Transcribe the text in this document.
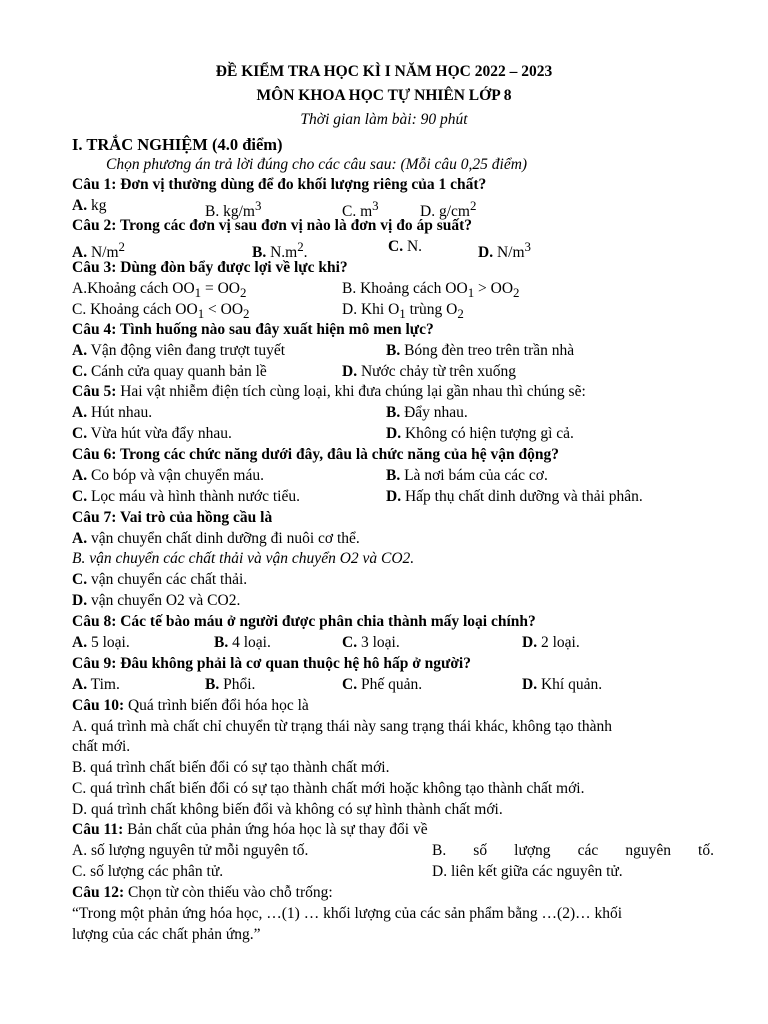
ĐỀ KIỂM TRA HỌC KÌ I NĂM HỌC 2022 – 2023
MÔN KHOA HỌC TỰ NHIÊN LỚP 8
Thời gian làm bài: 90 phút
I. TRẮC NGHIỆM (4.0 điểm)
Chọn phương án trả lời đúng cho các câu sau: (Mỗi câu 0,25 điểm)
Câu 1: Đơn vị thường dùng để đo khối lượng riêng của 1 chất?
A. kg	B. $kg/m^3$	C. $m^3$	D. $g/cm^2$
Câu 2: Trong các đơn vị sau đơn vị nào là đơn vị đo áp suất?
A. $N/m^2$	B. $N.m^2$.	C. N.	D. $N/m^3$
Câu 3: Dùng đòn bẩy được lợi về lực khi?
A.Khoảng cách $OO_1 = OO_2$	B. Khoảng cách $OO_1 > OO_2$
C. Khoảng cách $OO_1 < OO_2$	D. Khi $O_1$ trùng $O_2$
Câu 4: Tình huống nào sau đây xuất hiện mô men lực?
A. Vận động viên đang trượt tuyết	B. Bóng đèn treo trên trần nhà
C. Cánh cửa quay quanh bản lề	D. Nước chảy từ trên xuống
Câu 5: Hai vật nhiễm điện tích cùng loại, khi đưa chúng lại gần nhau thì chúng sẽ:
A. Hút nhau.	B. Đẩy nhau.
C. Vừa hút vừa đẩy nhau.	D. Không có hiện tượng gì cả.
Câu 6: Trong các chức năng dưới đây, đâu là chức năng của hệ vận động?
A. Co bóp và vận chuyển máu.	B. Là nơi bám của các cơ.
C. Lọc máu và hình thành nước tiểu.	D. Hấp thụ chất dinh dưỡng và thải phân.
Câu 7: Vai trò của hồng cầu là
A. vận chuyển chất dinh dưỡng đi nuôi cơ thể.
B. vận chuyển các chất thải và vận chuyển O2 và CO2.
C. vận chuyển các chất thải.
D. vận chuyển O2 và CO2.
Câu 8: Các tế bào máu ở người được phân chia thành mấy loại chính?
A. 5 loại.	B. 4 loại.	C. 3 loại.	D. 2 loại.
Câu 9: Đâu không phải là cơ quan thuộc hệ hô hấp ở người?
A. Tim.	B. Phổi.	C. Phế quản.	D. Khí quản.
Câu 10: Quá trình biến đổi hóa học là
A. quá trình mà chất chỉ chuyển từ trạng thái này sang trạng thái khác, không tạo thành
chất mới.
B. quá trình chất biến đổi có sự tạo thành chất mới.
C. quá trình chất biến đổi có sự tạo thành chất mới hoặc không tạo thành chất mới.
D. quá trình chất không biến đổi và không có sự hình thành chất mới.
Câu 11: Bản chất của phản ứng hóa học là sự thay đổi về
A. số lượng nguyên tử mỗi nguyên tố.	B. số lượng các nguyên tố.
C. số lượng các phân tử.	D. liên kết giữa các nguyên tử.
Câu 12: Chọn từ còn thiếu vào chỗ trống:
“Trong một phản ứng hóa học, …(1) … khối lượng của các sản phẩm bằng …(2)… khối
lượng của các chất phản ứng.”
